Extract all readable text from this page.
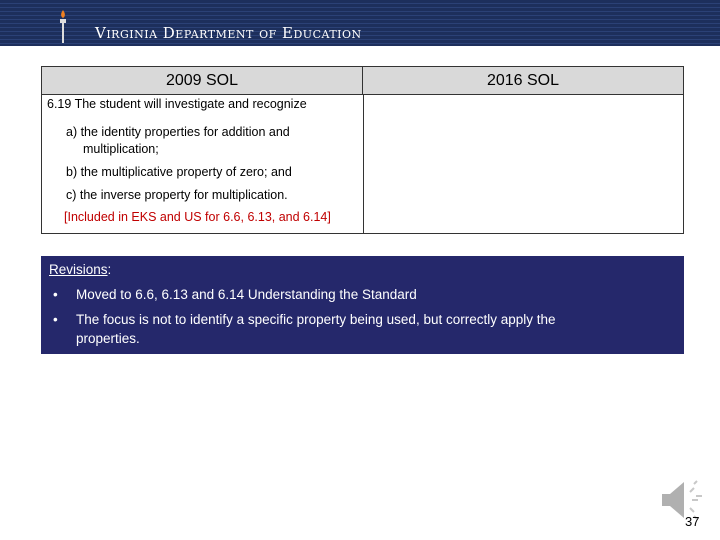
Virginia Department of Education
2009 SOL	2016 SOL
6.19 The student will investigate and recognize
a) the identity properties for addition and
multiplication;
b) the multiplicative property of zero; and
c) the inverse property for multiplication.
[Included in EKS and US for 6.6, 6.13, and 6.14]
Revisions:
• Moved to 6.6, 6.13 and 6.14 Understanding the Standard
• The focus is not to identify a specific property being used, but correctly apply the
properties.
37
